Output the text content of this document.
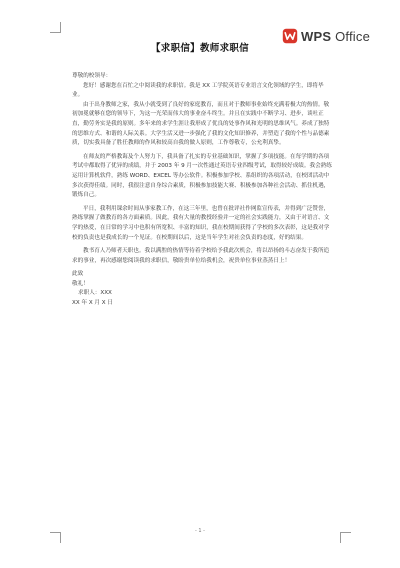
WPS Office
【求职信】教师求职信

尊敬的校领导：

您好！感谢您在百忙之中阅读我的求职信。我是 XX 工学院英语专业语言文化领域的学生，即将毕业。

由于出身教师之家，我从小就受到了良好的家庭教育，而且对于教师事业始终充满着极大的热情。敬初加冕就够在您的领导下，为这一光荣而伟大的事业奋斗终生。并且在实践中不断学习、进步，谈吐正直，勤劳务实是我的原则。多年来的求学生涯让我形成了优良的处事作风和光明的思维风气。养成了独特的思维方式、和谐的人际关系。大学生活又进一步强化了我的文化知识修养，并塑造了我的个性与品德素质，切实我具备了胜任教师的作风和较高自我的做人原则，工作尊敬专，公允利真挚。

在师友的严格教诲及个人努力下，我具备了扎实的专业基础知识，掌握了多项技能。在每学期的各项考试中都取得了优异的成绩，并于 2003 年 9 月一次性通过英语专业四级考试，取得较好成绩。我会熟练运用计算机软件，熟练 WORD、EXCEL 等办公软件。积极参加学校、系组织的各项活动，在校团活动中多次获得佳绩。同时，我很注意自身综合素质，积极参加技能大赛、积极参加各种社会活动、抓住机遇，锻炼自己。

平日，我利用课余时间从事家教工作，在这三年里，也曾在批评社作网监宣传表，并得到广泛赞誉，熟练掌握了做教育的各方面素质。因此，我有大量的教授经验并一定的社会实践能力，又由于对语言、文学的热爱，在日常的学习中也积有所宽积、丰富的知识，我在校期间获得了学校的多次表彰，这是我对学校的负责也是我成长的一个见证。在校期间以后，这是当年学生对社会负责的态度，好的结果。

教书育人乃师者天职也。我以满腔的热情等待着学校给予我此次机会，将以昂扬的斗志奋发于我所追求的事业，再次感谢您阅读我的求职信，敬盼贵单位给我机会，祝贵单位事业蒸蒸日上！

此致
敬礼！
求职人：XXX
XX 年 X 月 X 日
- 1 -
